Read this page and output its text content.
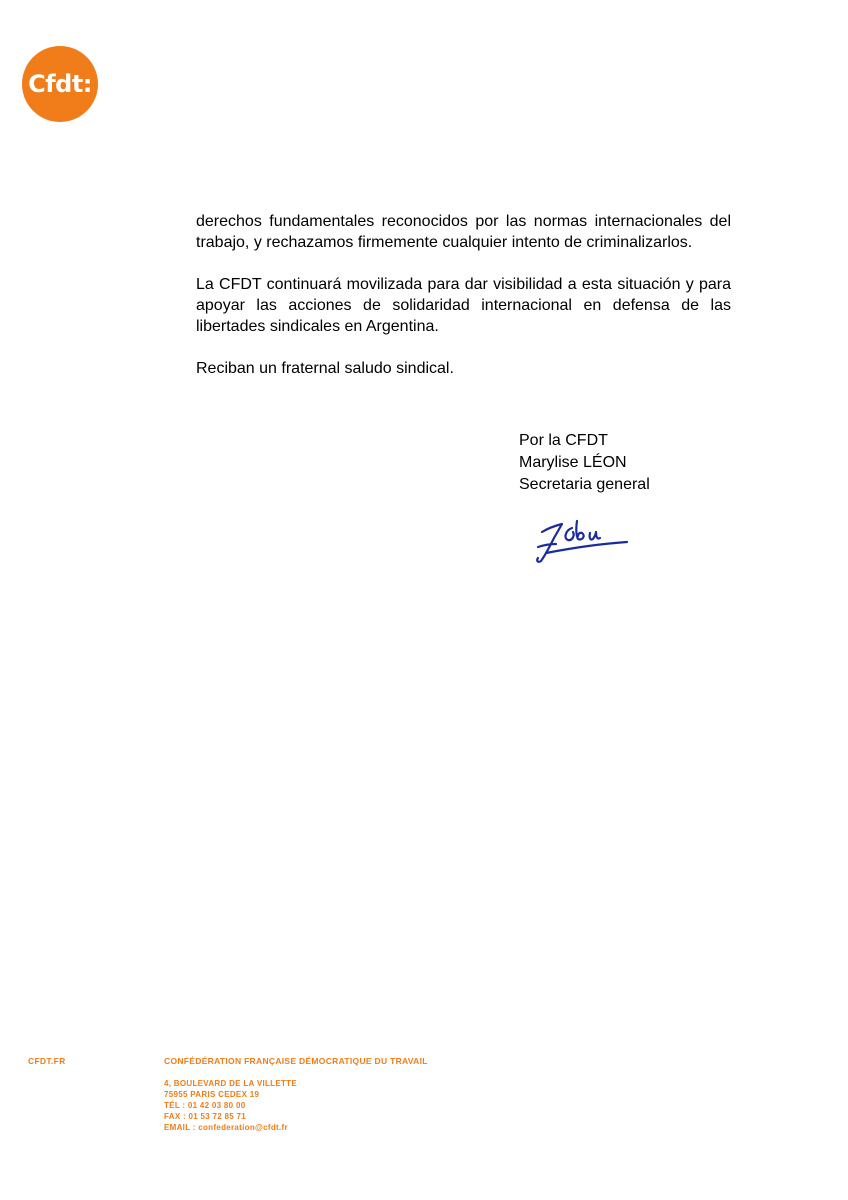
Cfdt:

derechos fundamentales reconocidos por las normas internacionales del trabajo, y rechazamos firmemente cualquier intento de criminalizarlos.

La CFDT continuará movilizada para dar visibilidad a esta situación y para apoyar las acciones de solidaridad internacional en defensa de las libertades sindicales en Argentina.

Reciban un fraternal saludo sindical.

Por la CFDT
Marylise LÉON
Secretaria general
CFDT.FR	CONFÉDÉRATION FRANÇAISE DÉMOCRATIQUE DU TRAVAIL
4, BOULEVARD DE LA VILLETTE
75955 PARIS CEDEX 19
TÉL : 01 42 03 80 00
FAX : 01 53 72 85 71
EMAIL : confederation@cfdt.fr
